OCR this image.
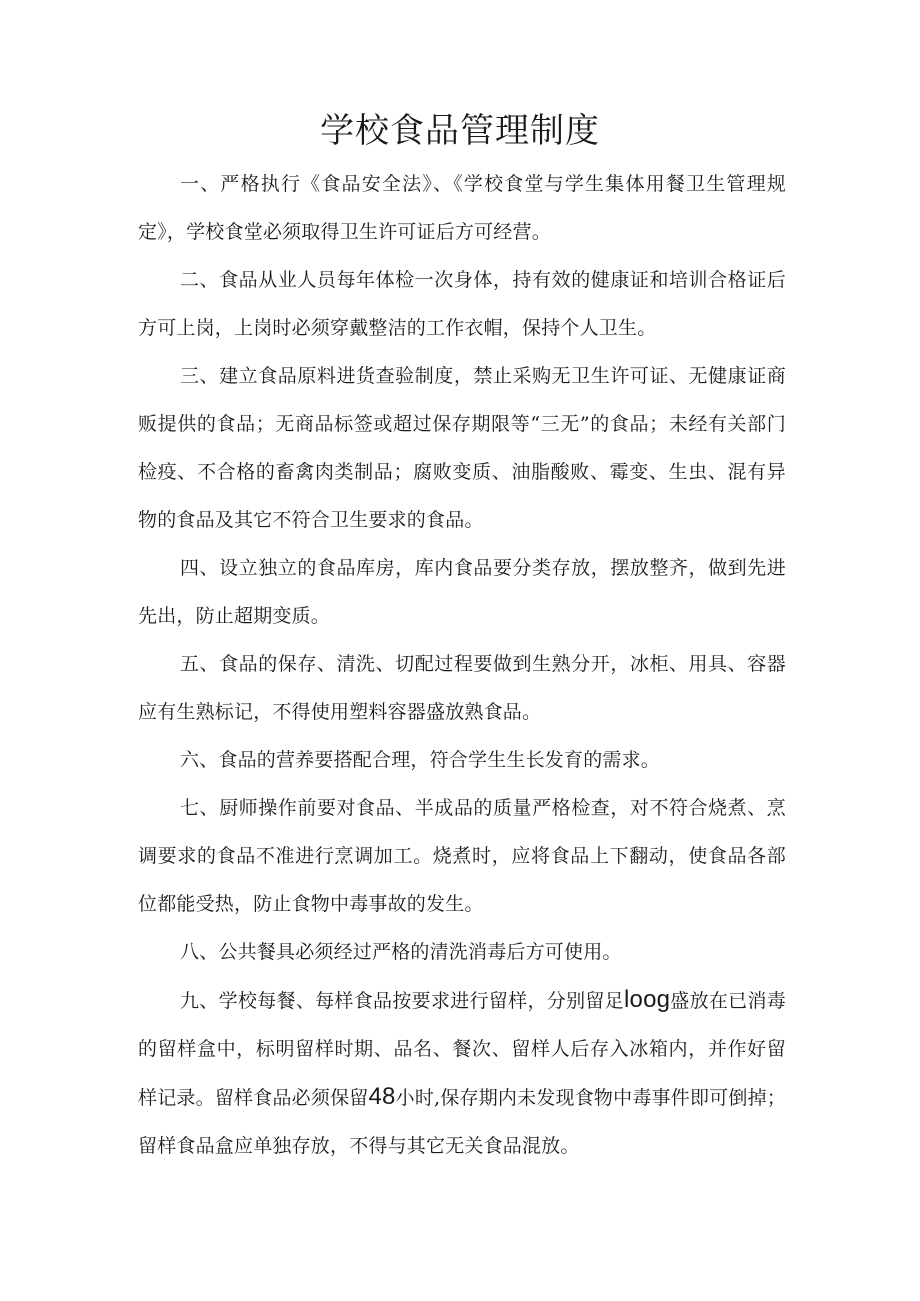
学校食品管理制度

一、严格执行《食品安全法》、《学校食堂与学生集体用餐卫生管理规定》，学校食堂必须取得卫生许可证后方可经营。

二、食品从业人员每年体检一次身体，持有效的健康证和培训合格证后方可上岗，上岗时必须穿戴整洁的工作衣帽，保持个人卫生。

三、建立食品原料进货查验制度，禁止采购无卫生许可证、无健康证商贩提供的食品；无商品标签或超过保存期限等“三无”的食品；未经有关部门检疫、不合格的畜禽肉类制品；腐败变质、油脂酸败、霉变、生虫、混有异物的食品及其它不符合卫生要求的食品。

四、设立独立的食品库房，库内食品要分类存放，摆放整齐，做到先进先出，防止超期变质。

五、食品的保存、清洗、切配过程要做到生熟分开，冰柜、用具、容器应有生熟标记，不得使用塑料容器盛放熟食品。

六、食品的营养要搭配合理，符合学生生长发育的需求。

七、厨师操作前要对食品、半成品的质量严格检查，对不符合烧煮、烹调要求的食品不准进行烹调加工。烧煮时，应将食品上下翻动，使食品各部位都能受热，防止食物中毒事故的发生。

八、公共餐具必须经过严格的清洗消毒后方可使用。

九、学校每餐、每样食品按要求进行留样，分别留足loog盛放在已消毒的留样盒中，标明留样时期、品名、餐次、留样人后存入冰箱内，并作好留样记录。留样食品必须保留48小时,保存期内未发现食物中毒事件即可倒掉；留样食品盒应单独存放，不得与其它无关食品混放。
